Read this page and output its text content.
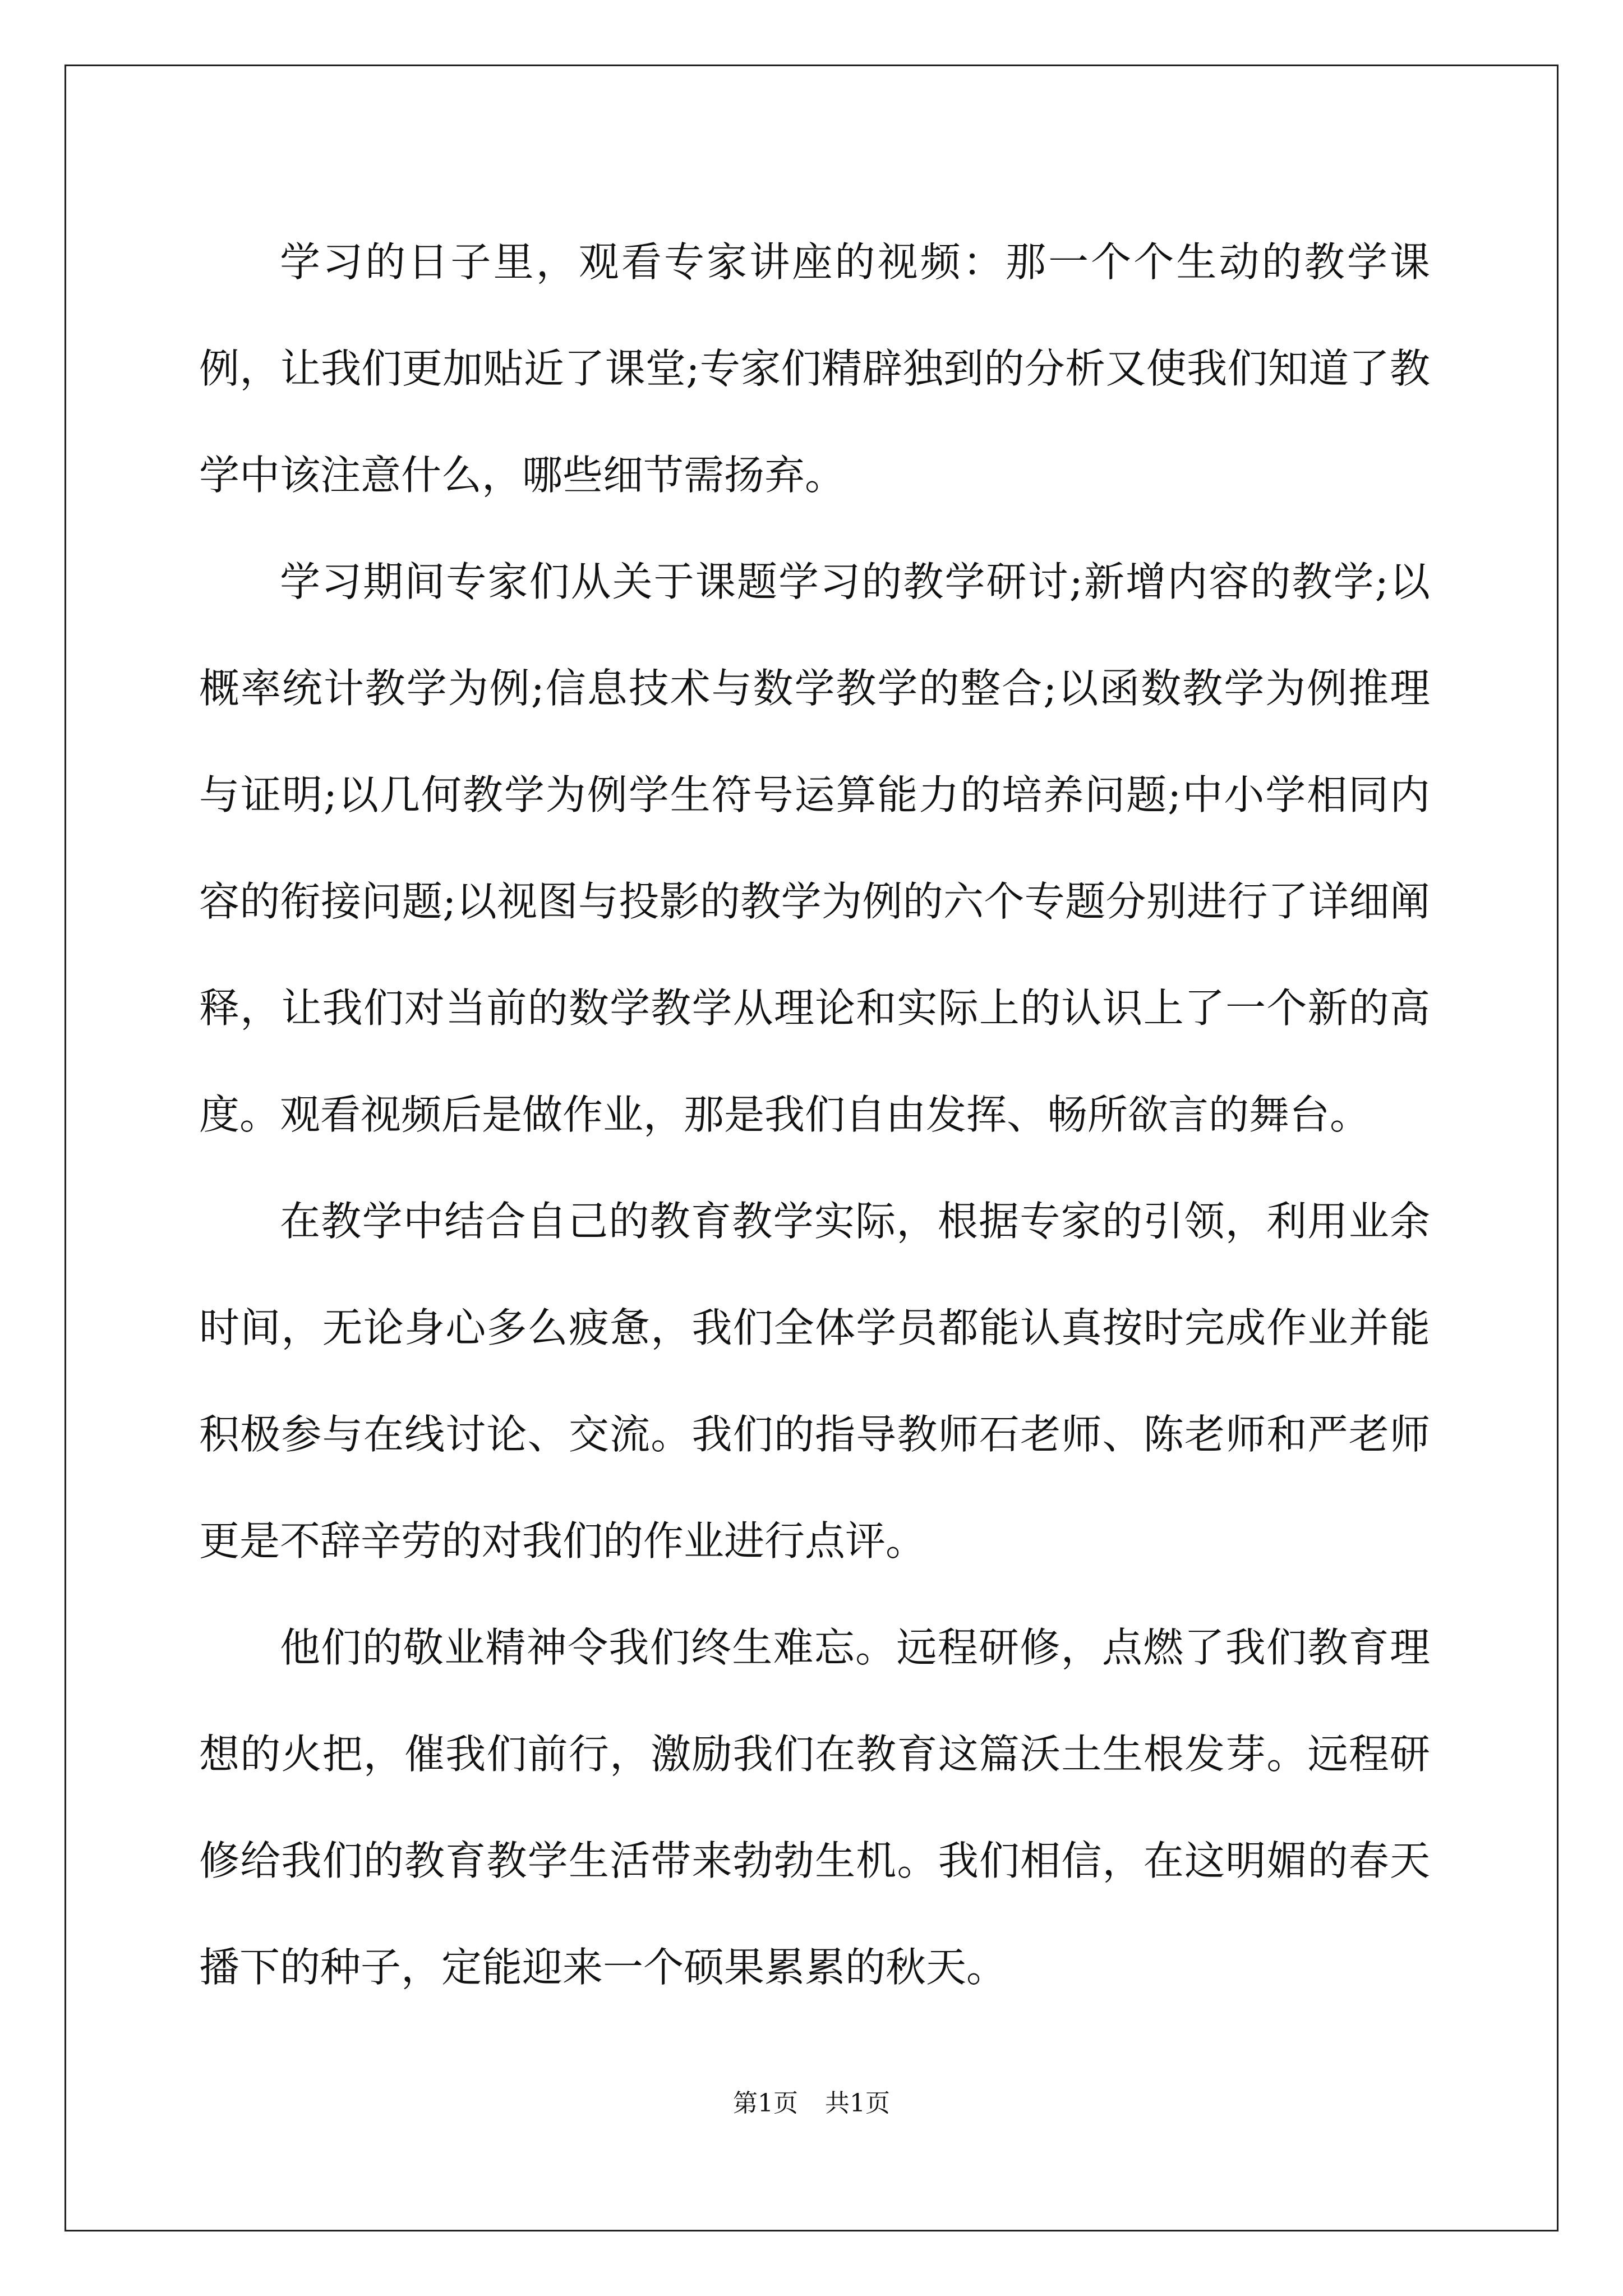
学习的日子里，观看专家讲座的视频：那一个个生动的教学课例，让我们更加贴近了课堂;专家们精辟独到的分析又使我们知道了教学中该注意什么，哪些细节需扬弃。

学习期间专家们从关于课题学习的教学研讨;新增内容的教学;以概率统计教学为例;信息技术与数学教学的整合;以函数教学为例推理与证明;以几何教学为例学生符号运算能力的培养问题;中小学相同内容的衔接问题;以视图与投影的教学为例的六个专题分别进行了详细阐释，让我们对当前的数学教学从理论和实际上的认识上了一个新的高度。观看视频后是做作业，那是我们自由发挥、畅所欲言的舞台。

在教学中结合自己的教育教学实际，根据专家的引领，利用业余时间，无论身心多么疲惫，我们全体学员都能认真按时完成作业并能积极参与在线讨论、交流。我们的指导教师石老师、陈老师和严老师更是不辞辛劳的对我们的作业进行点评。

他们的敬业精神令我们终生难忘。远程研修，点燃了我们教育理想的火把，催我们前行，激励我们在教育这篇沃土生根发芽。远程研修给我们的教育教学生活带来勃勃生机。我们相信，在这明媚的春天播下的种子，定能迎来一个硕果累累的秋天。

第1页 共1页
